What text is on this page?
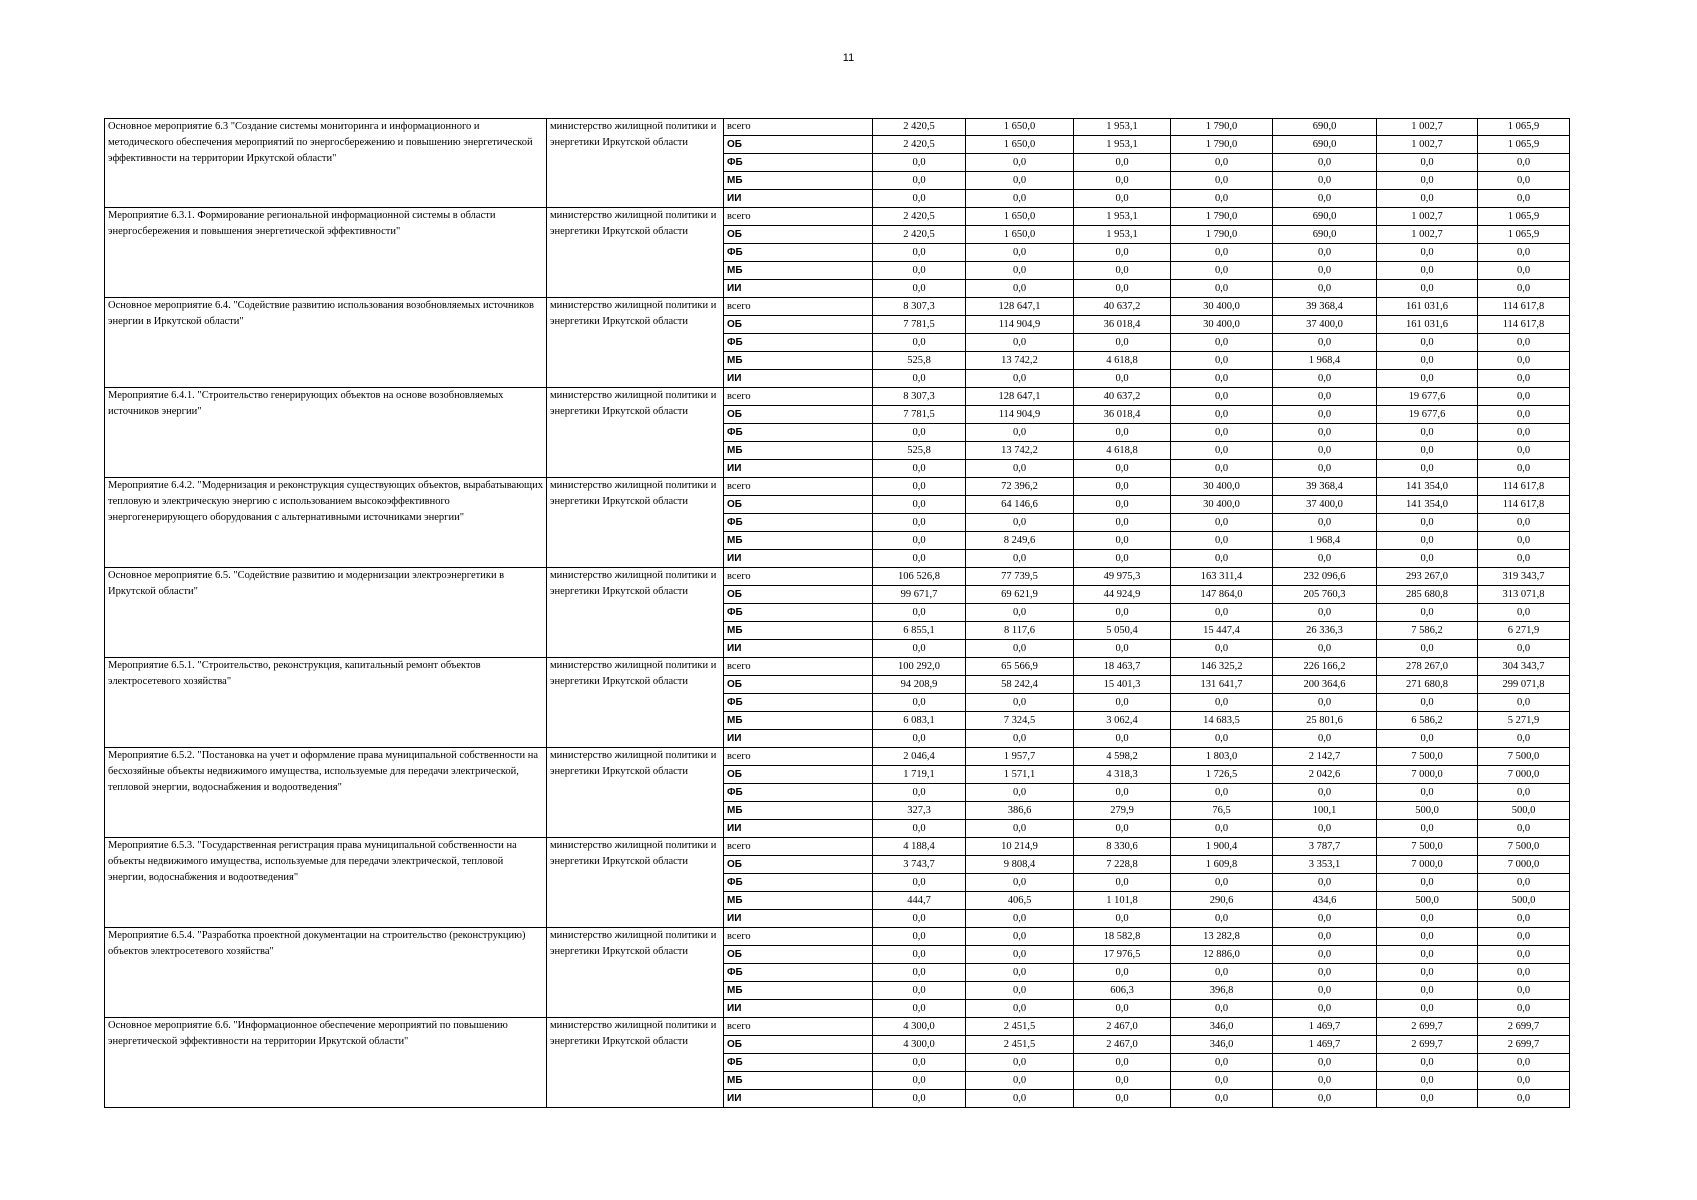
11
Основное мероприятие 6.3 "Создание системы мониторинга и информационного и методического обеспечения мероприятий по энергосбережению и повышению энергетической эффективности на территории Иркутской области"	министерство жилищной политики и энергетики Иркутской области	всего	2 420,5	1 650,0	1 953,1	1 790,0	690,0	1 002,7	1 065,9
		ОБ	2 420,5	1 650,0	1 953,1	1 790,0	690,0	1 002,7	1 065,9
		ФБ	0,0	0,0	0,0	0,0	0,0	0,0	0,0
		МБ	0,0	0,0	0,0	0,0	0,0	0,0	0,0
		ИИ	0,0	0,0	0,0	0,0	0,0	0,0	0,0
Мероприятие 6.3.1. Формирование региональной информационной системы в области энергосбережения и повышения энергетической эффективности"	министерство жилищной политики и энергетики Иркутской области	всего	2 420,5	1 650,0	1 953,1	1 790,0	690,0	1 002,7	1 065,9
		ОБ	2 420,5	1 650,0	1 953,1	1 790,0	690,0	1 002,7	1 065,9
		ФБ	0,0	0,0	0,0	0,0	0,0	0,0	0,0
		МБ	0,0	0,0	0,0	0,0	0,0	0,0	0,0
		ИИ	0,0	0,0	0,0	0,0	0,0	0,0	0,0
Основное мероприятие 6.4. "Содействие развитию использования возобновляемых источников энергии в Иркутской области"	министерство жилищной политики и энергетики Иркутской области	всего	8 307,3	128 647,1	40 637,2	30 400,0	39 368,4	161 031,6	114 617,8
		ОБ	7 781,5	114 904,9	36 018,4	30 400,0	37 400,0	161 031,6	114 617,8
		ФБ	0,0	0,0	0,0	0,0	0,0	0,0	0,0
		МБ	525,8	13 742,2	4 618,8	0,0	1 968,4	0,0	0,0
		ИИ	0,0	0,0	0,0	0,0	0,0	0,0	0,0
Мероприятие 6.4.1. "Строительство генерирующих объектов на основе возобновляемых источников энергии"	министерство жилищной политики и энергетики Иркутской области	всего	8 307,3	128 647,1	40 637,2	0,0	0,0	19 677,6	0,0
		ОБ	7 781,5	114 904,9	36 018,4	0,0	0,0	19 677,6	0,0
		ФБ	0,0	0,0	0,0	0,0	0,0	0,0	0,0
		МБ	525,8	13 742,2	4 618,8	0,0	0,0	0,0	0,0
		ИИ	0,0	0,0	0,0	0,0	0,0	0,0	0,0
Мероприятие 6.4.2. "Модернизация и реконструкция существующих объектов, вырабатывающих тепловую и электрическую энергию с использованием высокоэффективного энергогенерирующего оборудования с альтернативными источниками энергии"	министерство жилищной политики и энергетики Иркутской области	всего	0,0	72 396,2	0,0	30 400,0	39 368,4	141 354,0	114 617,8
		ОБ	0,0	64 146,6	0,0	30 400,0	37 400,0	141 354,0	114 617,8
		ФБ	0,0	0,0	0,0	0,0	0,0	0,0	0,0
		МБ	0,0	8 249,6	0,0	0,0	1 968,4	0,0	0,0
		ИИ	0,0	0,0	0,0	0,0	0,0	0,0	0,0
Основное мероприятие 6.5. "Содействие развитию и модернизации электроэнергетики в Иркутской области"	министерство жилищной политики и энергетики Иркутской области	всего	106 526,8	77 739,5	49 975,3	163 311,4	232 096,6	293 267,0	319 343,7
		ОБ	99 671,7	69 621,9	44 924,9	147 864,0	205 760,3	285 680,8	313 071,8
		ФБ	0,0	0,0	0,0	0,0	0,0	0,0	0,0
		МБ	6 855,1	8 117,6	5 050,4	15 447,4	26 336,3	7 586,2	6 271,9
		ИИ	0,0	0,0	0,0	0,0	0,0	0,0	0,0
Мероприятие 6.5.1. "Строительство, реконструкция, капитальный ремонт объектов электросетевого хозяйства"	министерство жилищной политики и энергетики Иркутской области	всего	100 292,0	65 566,9	18 463,7	146 325,2	226 166,2	278 267,0	304 343,7
		ОБ	94 208,9	58 242,4	15 401,3	131 641,7	200 364,6	271 680,8	299 071,8
		ФБ	0,0	0,0	0,0	0,0	0,0	0,0	0,0
		МБ	6 083,1	7 324,5	3 062,4	14 683,5	25 801,6	6 586,2	5 271,9
		ИИ	0,0	0,0	0,0	0,0	0,0	0,0	0,0
Мероприятие 6.5.2. "Постановка на учет и оформление права муниципальной собственности на бесхозяйные объекты недвижимого имущества, используемые для передачи электрической, тепловой энергии, водоснабжения и водоотведения"	министерство жилищной политики и энергетики Иркутской области	всего	2 046,4	1 957,7	4 598,2	1 803,0	2 142,7	7 500,0	7 500,0
		ОБ	1 719,1	1 571,1	4 318,3	1 726,5	2 042,6	7 000,0	7 000,0
		ФБ	0,0	0,0	0,0	0,0	0,0	0,0	0,0
		МБ	327,3	386,6	279,9	76,5	100,1	500,0	500,0
		ИИ	0,0	0,0	0,0	0,0	0,0	0,0	0,0
Мероприятие 6.5.3. "Государственная регистрация права муниципальной собственности на объекты недвижимого имущества, используемые для передачи электрической, тепловой энергии, водоснабжения и водоотведения"	министерство жилищной политики и энергетики Иркутской области	всего	4 188,4	10 214,9	8 330,6	1 900,4	3 787,7	7 500,0	7 500,0
		ОБ	3 743,7	9 808,4	7 228,8	1 609,8	3 353,1	7 000,0	7 000,0
		ФБ	0,0	0,0	0,0	0,0	0,0	0,0	0,0
		МБ	444,7	406,5	1 101,8	290,6	434,6	500,0	500,0
		ИИ	0,0	0,0	0,0	0,0	0,0	0,0	0,0
Мероприятие 6.5.4. "Разработка проектной документации на строительство (реконструкцию) объектов электросетевого хозяйства"	министерство жилищной политики и энергетики Иркутской области	всего	0,0	0,0	18 582,8	13 282,8	0,0	0,0	0,0
		ОБ	0,0	0,0	17 976,5	12 886,0	0,0	0,0	0,0
		ФБ	0,0	0,0	0,0	0,0	0,0	0,0	0,0
		МБ	0,0	0,0	606,3	396,8	0,0	0,0	0,0
		ИИ	0,0	0,0	0,0	0,0	0,0	0,0	0,0
Основное мероприятие 6.6. "Информационное обеспечение мероприятий по повышению энергетической эффективности на территории Иркутской области"	министерство жилищной политики и энергетики Иркутской области	всего	4 300,0	2 451,5	2 467,0	346,0	1 469,7	2 699,7	2 699,7
		ОБ	4 300,0	2 451,5	2 467,0	346,0	1 469,7	2 699,7	2 699,7
		ФБ	0,0	0,0	0,0	0,0	0,0	0,0	0,0
		МБ	0,0	0,0	0,0	0,0	0,0	0,0	0,0
		ИИ	0,0	0,0	0,0	0,0	0,0	0,0	0,0
